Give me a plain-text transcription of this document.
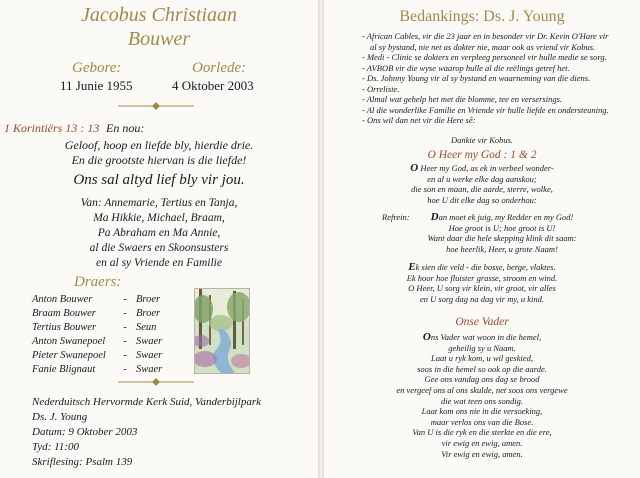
Jacobus Christiaan
Bouwer
Gebore:	Oorlede:
11 Junie 1955	4 Oktober 2003
1 Korintiërs 13 : 13 En nou:
Geloof, hoop en liefde bly, hierdie drie.
En die grootste hiervan is die liefde!
Ons sal altyd lief bly vir jou.
Van: Annemarie, Tertius en Tanja,
Ma Hikkie, Michael, Braam,
Pa Abraham en Ma Annie,
al die Swaers en Skoonsusters
en al sy Vriende en Familie
Draers:
Anton Bouwer	-	Broer
Braam Bouwer	-	Broer
Tertius Bouwer	-	Seun
Anton Swanepoel	-	Swaer
Pieter Swanepoel	-	Swaer
Fanie Blignaut	-	Swaer
Nederduitsch Hervormde Kerk Suid, Vanderbijlpark
Ds. J. Young
Datum: 9 Oktober 2003
Tyd: 11:00
Skriflesing: Psalm 139
Bedankings: Ds. J. Young
- African Cables, vir die 23 jaar en in besonder vir Dr. Kevin O'Hare vir
al sy bystand, nie net as dokter nie, maar ook as vriend vir Kobus.
- Medi - Clinic se dokters en verpleeg personeel vir hulle medie se sorg.
- AVBOB vir die wyse waarop hulle al die reëlings getref het.
- Ds. Johnny Young vir al sy bystand en waarneming van die diens.
- Orreliste.
- Almal wat gehelp het met die blomme, tee en versersings.
- Al die wonderlike Familie en Vriende vir hulle liefde en ondersteuning.
- Ons wil dan net vir die Here sê:
Dankie vir Kobus.
O Heer my God : 1 & 2
O Heer my God, as ek in verbeel wonder-
en al u werke elke dag aanskou;
die son en maan, die aarde, sterre, wolke,
hoe U dit elke dag so onderhou:
Refrein:	Dan moet ek juig, my Redder en my God!
Hoe groot is U; hoe groot is U!
Want daar die hele skepping klink dit saam:
hoe heerlik, Heer, u grote Naam!
Ek sien die veld - die bosse, berge, vlaktes.
Ek hoor hoe fluister grasse, stroom en wind.
O Heer, U sorg vir klein, vir groot, vir alles
en U sorg dag na dag vir my, u kind.
Onse Vader
Ons Vader wat woon in die hemel,
geheilig sy u Naam.
Laat u ryk kom, u wil geskied,
soos in die hemel so ook op die aarde.
Gee ons vandag ons dag se brood
en vergeef ons al ons skulde, net soos ons vergewe
die wat teen ons sondig.
Laat kom ons nie in die versoeking,
maar verlos ons van die Bose.
Van U is die ryk en die sterkte en die ere,
vir ewig en ewig, amen.
Vir ewig en ewig, amen.
